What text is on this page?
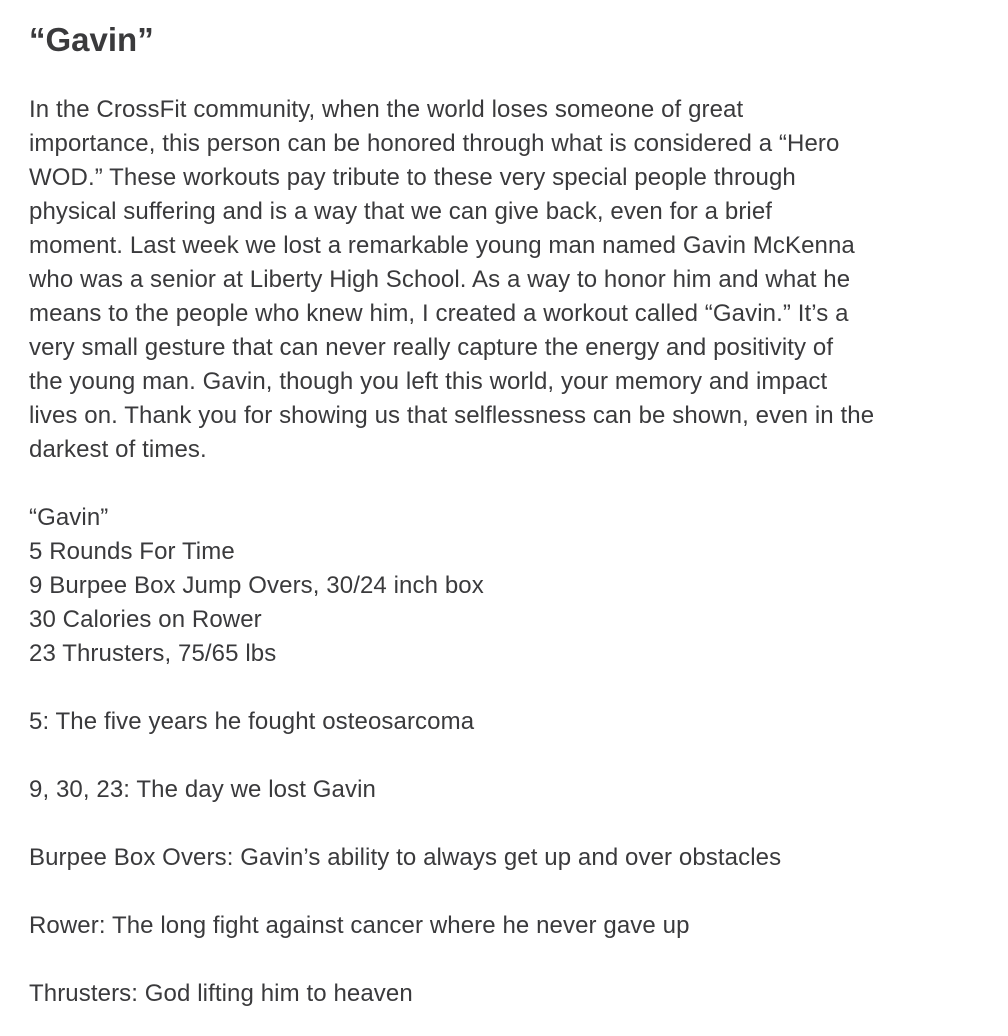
“Gavin”
In the CrossFit community, when the world loses someone of great
importance, this person can be honored through what is considered a “Hero
WOD.” These workouts pay tribute to these very special people through
physical suffering and is a way that we can give back, even for a brief
moment. Last week we lost a remarkable young man named Gavin McKenna
who was a senior at Liberty High School. As a way to honor him and what he
means to the people who knew him, I created a workout called “Gavin.” It’s a
very small gesture that can never really capture the energy and positivity of
the young man. Gavin, though you left this world, your memory and impact
lives on. Thank you for showing us that selflessness can be shown, even in the
darkest of times.
“Gavin”
5 Rounds For Time
9 Burpee Box Jump Overs, 30/24 inch box
30 Calories on Rower
23 Thrusters, 75/65 lbs
5: The five years he fought osteosarcoma
9, 30, 23: The day we lost Gavin
Burpee Box Overs: Gavin’s ability to always get up and over obstacles
Rower: The long fight against cancer where he never gave up
Thrusters: God lifting him to heaven
